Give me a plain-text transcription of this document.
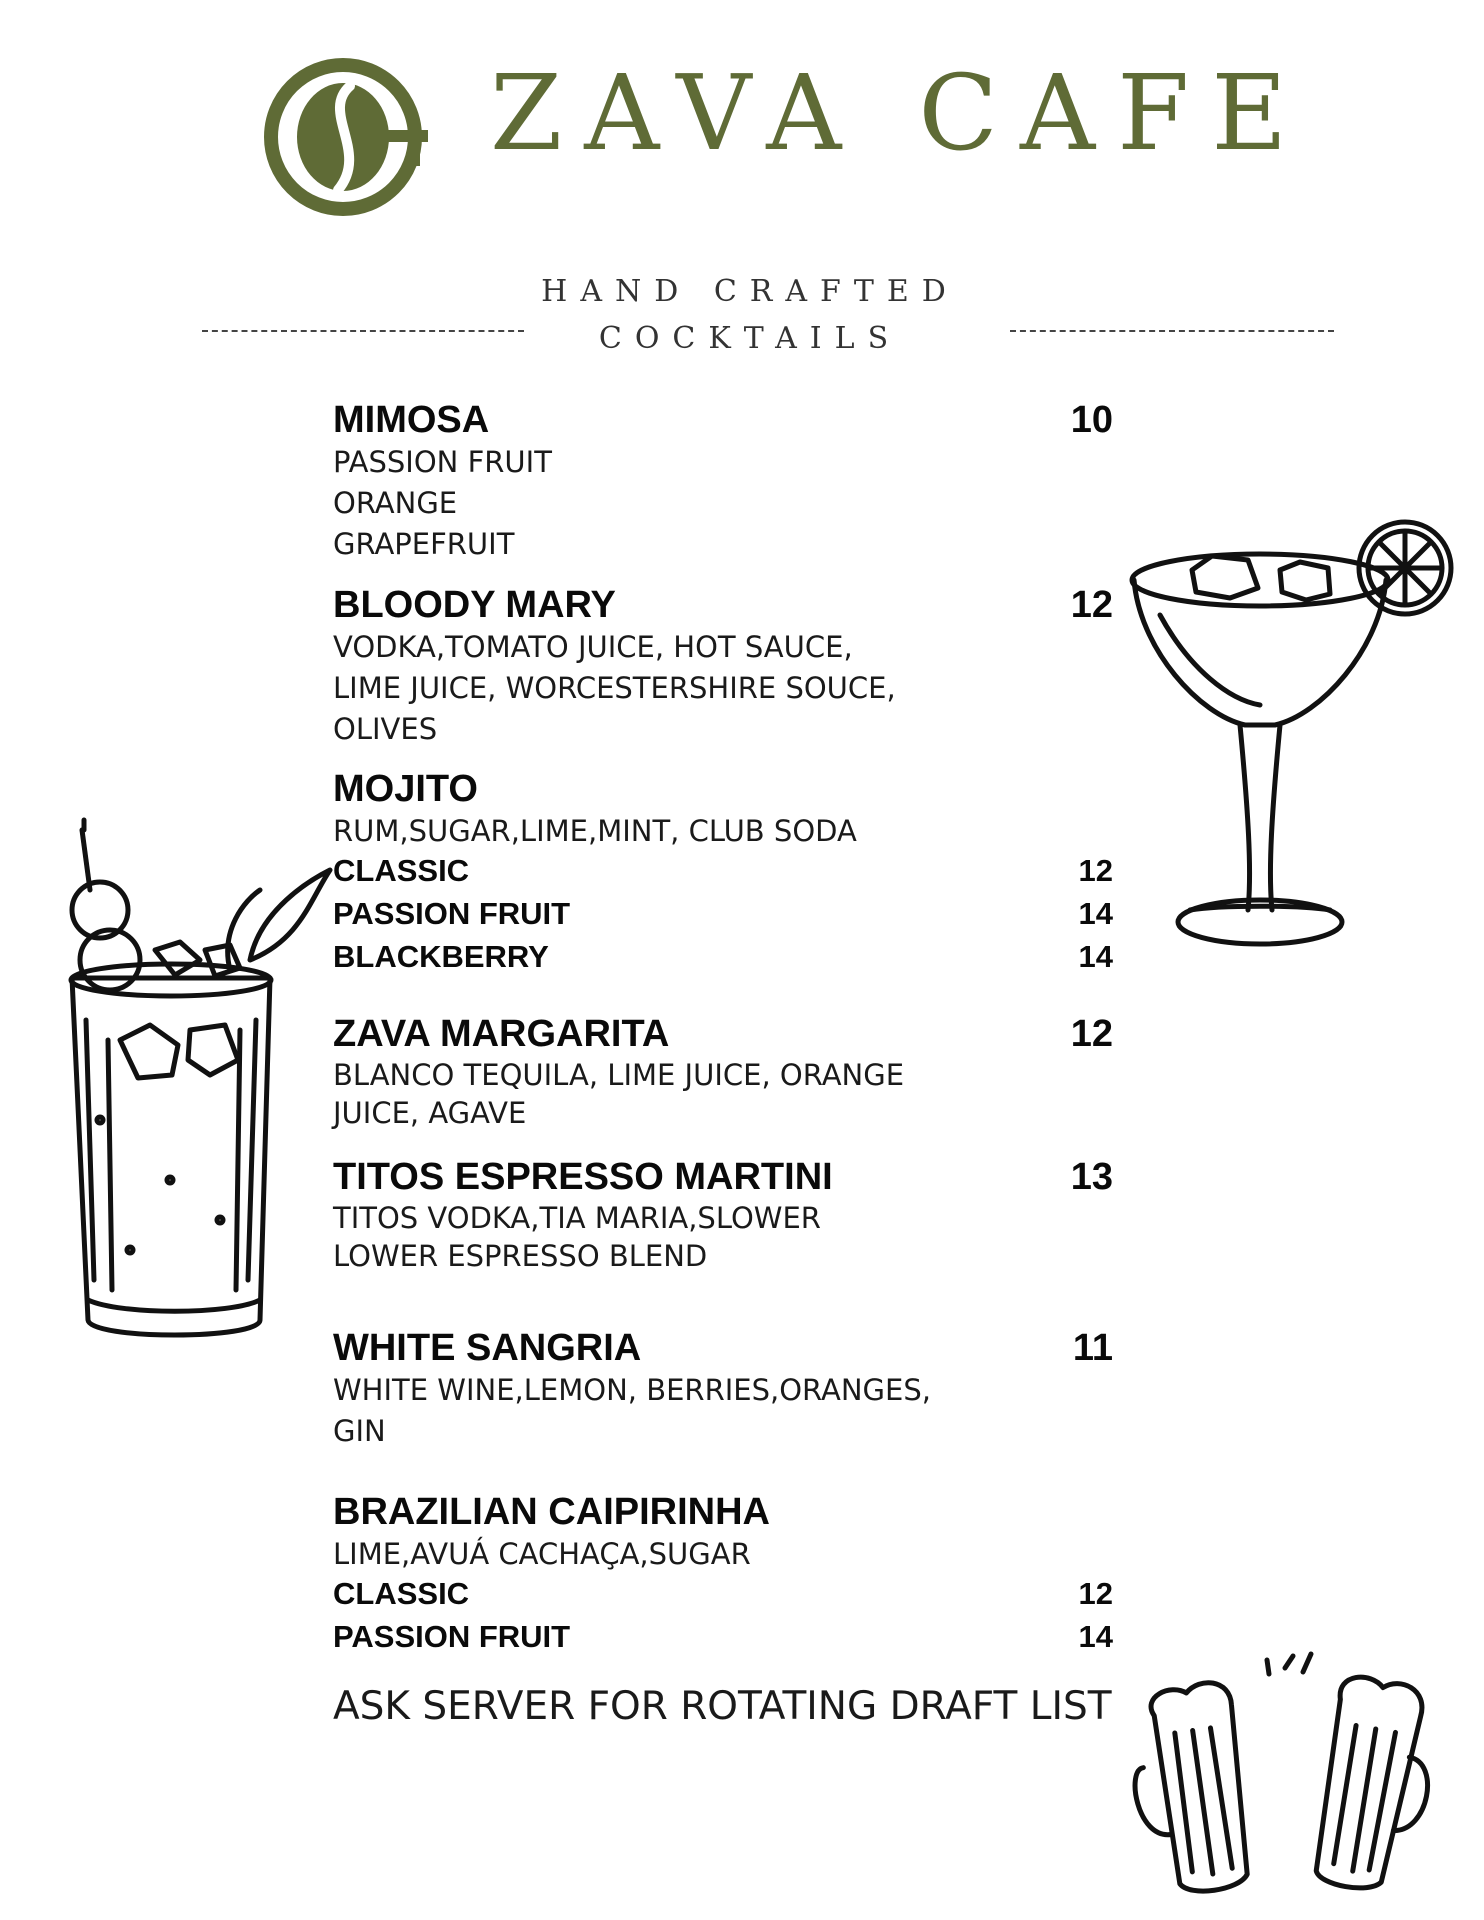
ZAVA CAFE
HAND CRAFTED
COCKTAILS
MIMOSA	10
PASSION FRUIT
ORANGE
GRAPEFRUIT
BLOODY MARY	12
VODKA,TOMATO JUICE, HOT SAUCE,
LIME JUICE, WORCESTERSHIRE SOUCE,
OLIVES
MOJITO
RUM,SUGAR,LIME,MINT, CLUB SODA
CLASSIC	12
PASSION FRUIT	14
BLACKBERRY	14
ZAVA MARGARITA	12
BLANCO TEQUILA, LIME JUICE, ORANGE
JUICE, AGAVE
TITOS ESPRESSO MARTINI	13
TITOS VODKA,TIA MARIA,SLOWER
LOWER ESPRESSO BLEND
WHITE SANGRIA	11
WHITE WINE,LEMON, BERRIES,ORANGES,
GIN
BRAZILIAN CAIPIRINHA
LIME,AVUÁ CACHAÇA,SUGAR
CLASSIC	12
PASSION FRUIT	14
ASK SERVER FOR ROTATING DRAFT LIST
